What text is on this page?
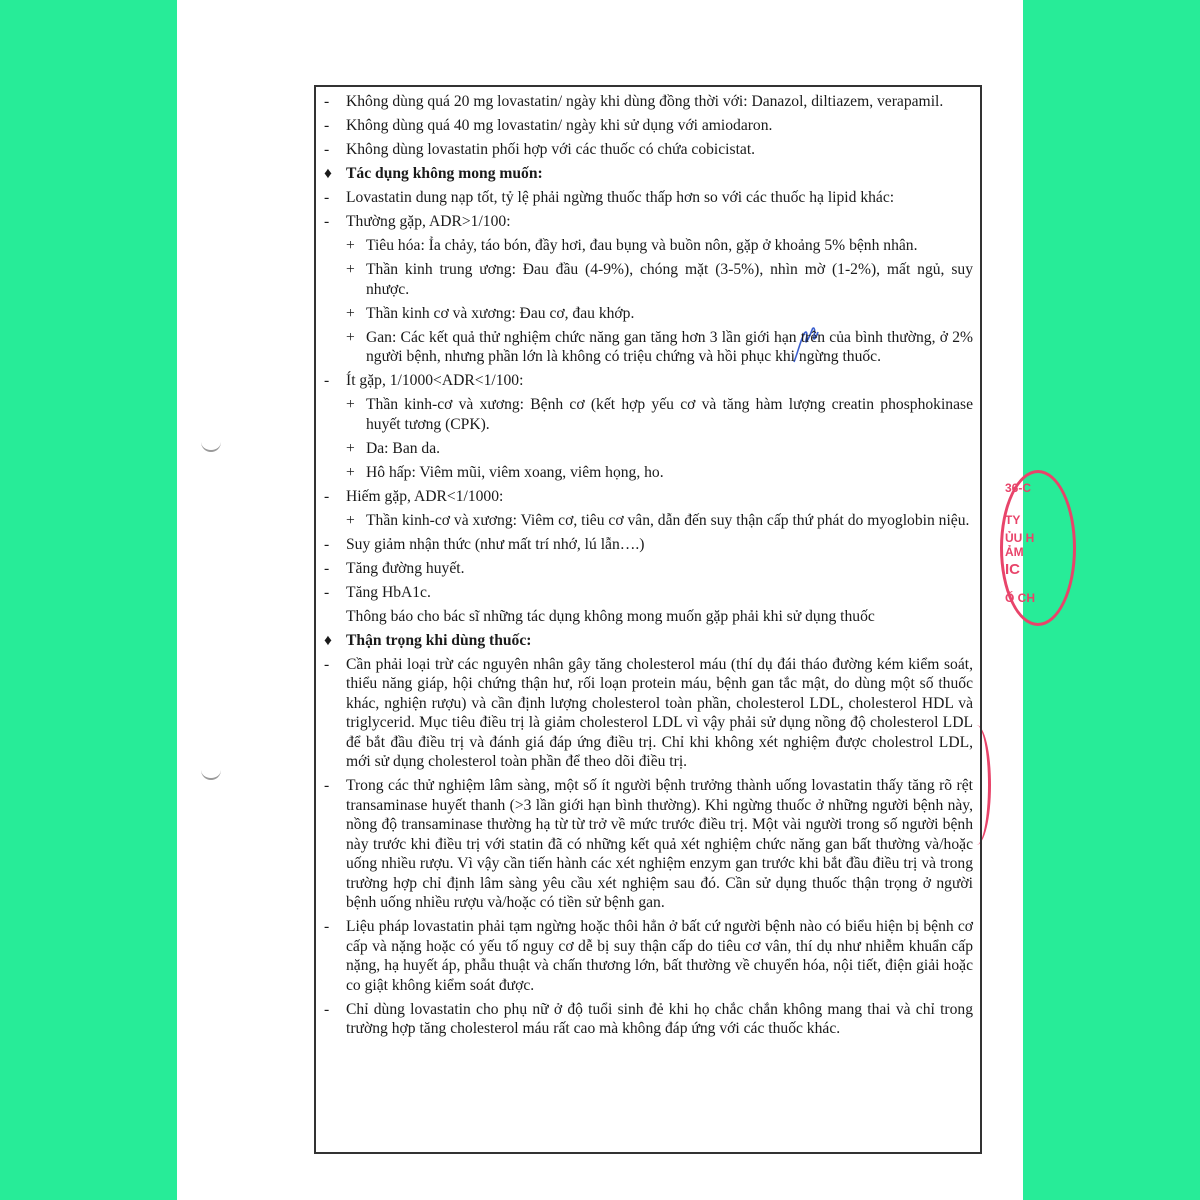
36-C
TY
ỦU H
ẢM
IC
Ố CH
-	Không dùng quá 20 mg lovastatin/ ngày khi dùng đồng thời với: Danazol, diltiazem, verapamil.
-	Không dùng quá 40 mg lovastatin/ ngày khi sử dụng với amiodaron.
-	Không dùng lovastatin phối hợp với các thuốc có chứa cobicistat.
♦ Tác dụng không mong muốn:
-	Lovastatin dung nạp tốt, tỷ lệ phải ngừng thuốc thấp hơn so với các thuốc hạ lipid khác:
-	Thường gặp, ADR>1/100:
+ Tiêu hóa: Ỉa chảy, táo bón, đầy hơi, đau bụng và buồn nôn, gặp ở khoảng 5% bệnh nhân.
+ Thần kinh trung ương: Đau đầu (4-9%), chóng mặt (3-5%), nhìn mờ (1-2%), mất ngủ, suy nhược.
+ Thần kinh cơ và xương: Đau cơ, đau khớp.
+ Gan: Các kết quả thử nghiệm chức năng gan tăng hơn 3 lần giới hạn trên của bình thường, ở 2% người bệnh, nhưng phần lớn là không có triệu chứng và hồi phục khi ngừng thuốc.
-	Ít gặp, 1/1000<ADR<1/100:
+ Thần kinh-cơ và xương: Bệnh cơ (kết hợp yếu cơ và tăng hàm lượng creatin phosphokinase huyết tương (CPK).
+ Da: Ban da.
+ Hô hấp: Viêm mũi, viêm xoang, viêm họng, ho.
-	Hiếm gặp, ADR<1/1000:
+ Thần kinh-cơ và xương: Viêm cơ, tiêu cơ vân, dẫn đến suy thận cấp thứ phát do myoglobin niệu.
-	Suy giảm nhận thức (như mất trí nhớ, lú lẫn….)
-	Tăng đường huyết.
-	Tăng HbA1c.
Thông báo cho bác sĩ những tác dụng không mong muốn gặp phải khi sử dụng thuốc
♦ Thận trọng khi dùng thuốc:
-	Cần phải loại trừ các nguyên nhân gây tăng cholesterol máu (thí dụ đái tháo đường kém kiểm soát, thiểu năng giáp, hội chứng thận hư, rối loạn protein máu, bệnh gan tắc mật, do dùng một số thuốc khác, nghiện rượu) và cần định lượng cholesterol toàn phần, cholesterol LDL, cholesterol HDL và triglycerid. Mục tiêu điều trị là giảm cholesterol LDL vì vậy phải sử dụng nồng độ cholesterol LDL để bắt đầu điều trị và đánh giá đáp ứng điều trị. Chỉ khi không xét nghiệm được cholestrol LDL, mới sử dụng cholesterol toàn phần để theo dõi điều trị.
-	Trong các thử nghiệm lâm sàng, một số ít người bệnh trưởng thành uống lovastatin thấy tăng rõ rệt transaminase huyết thanh (>3 lần giới hạn bình thường). Khi ngừng thuốc ở những người bệnh này, nồng độ transaminase thường hạ từ từ trở về mức trước điều trị. Một vài người trong số người bệnh này trước khi điều trị với statin đã có những kết quả xét nghiệm chức năng gan bất thường và/hoặc uống nhiều rượu. Vì vậy cần tiến hành các xét nghiệm enzym gan trước khi bắt đầu điều trị và trong trường hợp chỉ định lâm sàng yêu cầu xét nghiệm sau đó. Cần sử dụng thuốc thận trọng ở người bệnh uống nhiều rượu và/hoặc có tiền sử bệnh gan.
-	Liệu pháp lovastatin phải tạm ngừng hoặc thôi hẳn ở bất cứ người bệnh nào có biểu hiện bị bệnh cơ cấp và nặng hoặc có yếu tố nguy cơ dễ bị suy thận cấp do tiêu cơ vân, thí dụ như nhiễm khuẩn cấp nặng, hạ huyết áp, phẫu thuật và chấn thương lớn, bất thường về chuyển hóa, nội tiết, điện giải hoặc co giật không kiểm soát được.
-	Chỉ dùng lovastatin cho phụ nữ ở độ tuổi sinh đẻ khi họ chắc chắn không mang thai và chỉ trong trường hợp tăng cholesterol máu rất cao mà không đáp ứng với các thuốc khác.
